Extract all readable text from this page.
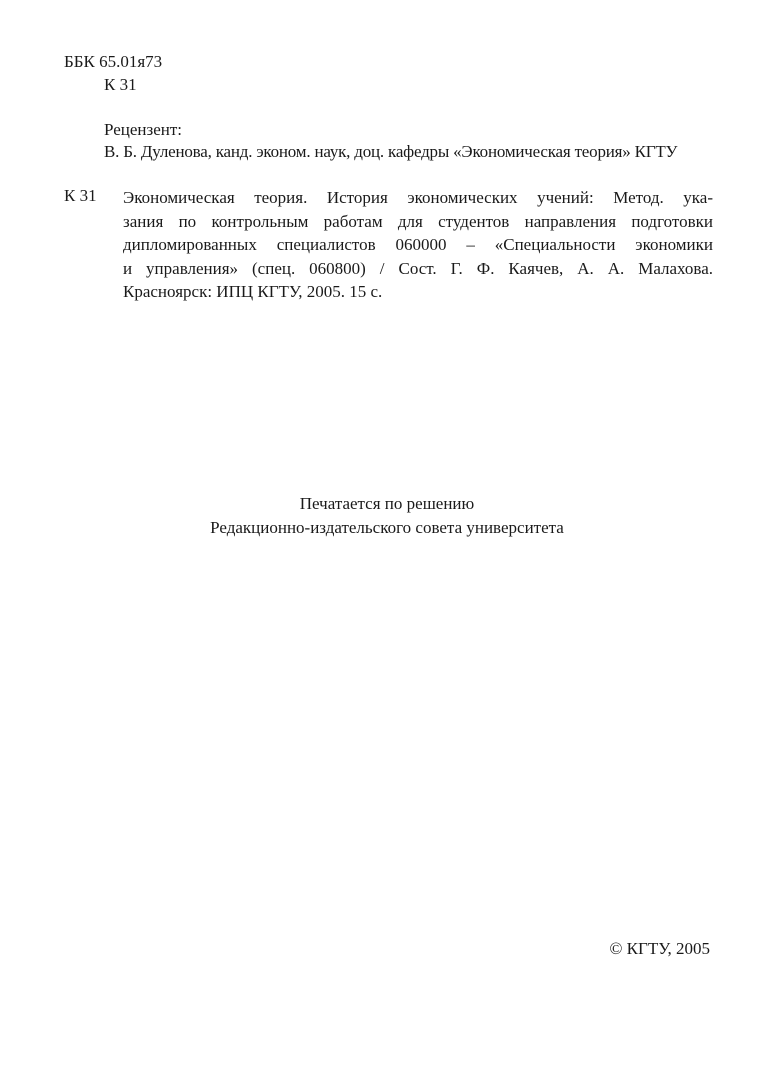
ББК 65.01я73
К 31
Рецензент:
В. Б. Дуленова, канд. эконом. наук, доц. кафедры «Экономическая теория» КГТУ
К 31 Экономическая теория. История экономических учений: Метод. ука-
зания по контрольным работам для студентов направления подготовки
дипломированных специалистов 060000 – «Специальности экономики
и управления» (спец. 060800) / Сост. Г. Ф. Каячев, А. А. Малахова.
Красноярск: ИПЦ КГТУ, 2005. 15 с.
Печатается по решению
Редакционно-издательского совета университета
© КГТУ, 2005
